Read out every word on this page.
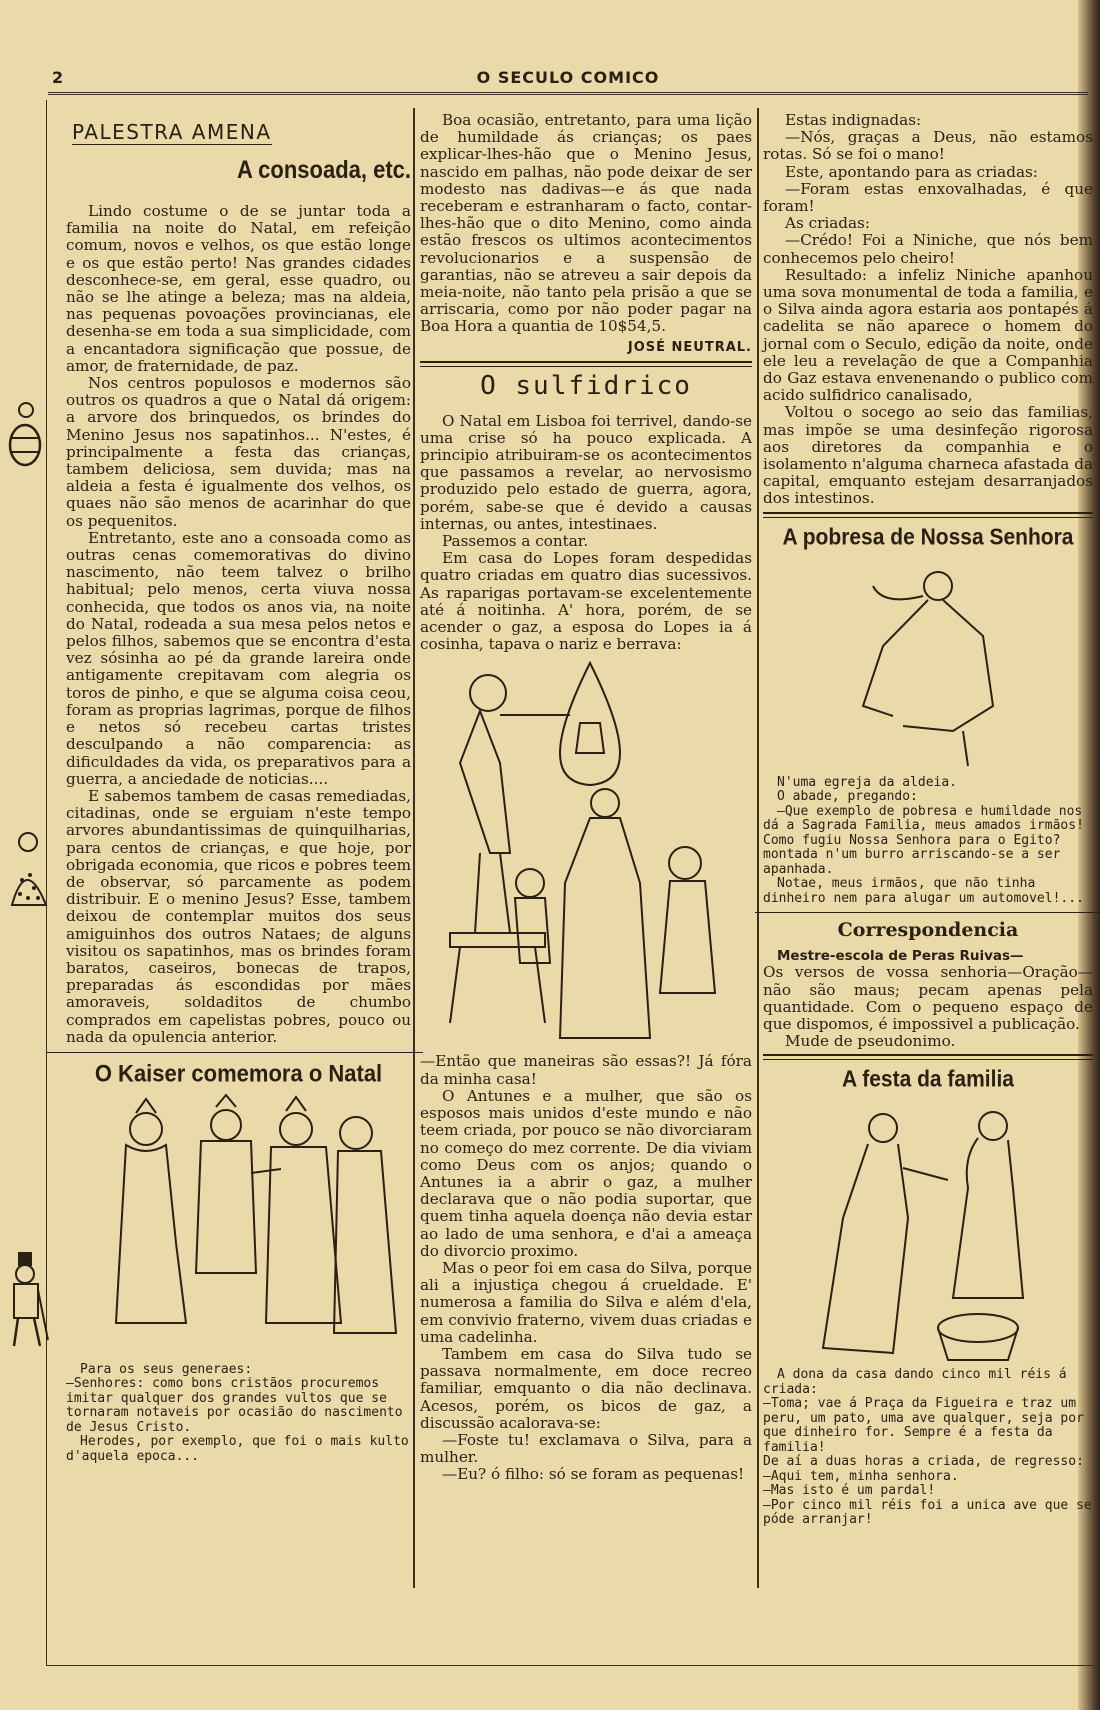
2	O SECULO COMICO
PALESTRA AMENA
A consoada, etc.

Lindo costume o de se juntar toda a familia na noite do Natal, em refeição comum, novos e velhos, os que estão longe e os que estão perto! Nas grandes cidades desconhece-se, em geral, esse quadro, ou não se lhe atinge a beleza; mas na aldeia, nas pequenas povoações provincianas, ele desenha-se em toda a sua simplicidade, com a encantadora significação que possue, de amor, de fraternidade, de paz.

Nos centros populosos e modernos são outros os quadros a que o Natal dá origem: a arvore dos brinquedos, os brindes do Menino Jesus nos sapatinhos... N'estes, é principalmente a festa das crianças, tambem deliciosa, sem duvida; mas na aldeia a festa é igualmente dos velhos, os quaes não são menos de acarinhar do que os pequenitos.

Entretanto, este ano a consoada como as outras cenas comemorativas do divino nascimento, não teem talvez o brilho habitual; pelo menos, certa viuva nossa conhecida, que todos os anos via, na noite do Natal, rodeada a sua mesa pelos netos e pelos filhos, sabemos que se encontra d'esta vez sósinha ao pé da grande lareira onde antigamente crepitavam com alegria os toros de pinho, e que se alguma coisa ceou, foram as proprias lagrimas, porque de filhos e netos só recebeu cartas tristes desculpando a não comparencia: as dificuldades da vida, os preparativos para a guerra, a anciedade de noticias....

E sabemos tambem de casas remediadas, citadinas, onde se erguiam n'este tempo arvores abundantissimas de quinquilharias, para centos de crianças, e que hoje, por obrigada economia, que ricos e pobres teem de observar, só parcamente as podem distribuir. E o menino Jesus? Esse, tambem deixou de contemplar muitos dos seus amiguinhos dos outros Nataes; de alguns visitou os sapatinhos, mas os brindes foram baratos, caseiros, bonecas de trapos, preparadas ás escondidas por mães amoraveis, soldaditos de chumbo comprados em capelistas pobres, pouco ou nada da opulencia anterior.

O Kaiser comemora o Natal

Para os seus generaes:

—Senhores: como bons cristãos procuremos imitar qualquer dos grandes vultos que se tornaram notaveis por ocasião do nascimento de Jesus Cristo.

Herodes, por exemplo, que foi o mais kulto d'aquela epoca...

Boa ocasião, entretanto, para uma lição de humildade ás crianças; os paes explicar-lhes-hão que o Menino Jesus, nascido em palhas, não pode deixar de ser modesto nas dadivas—e ás que nada receberam e estranharam o facto, contar-lhes-hão que o dito Menino, como ainda estão frescos os ultimos acontecimentos revolucionarios e a suspensão de garantias, não se atreveu a sair depois da meia-noite, não tanto pela prisão a que se arriscaria, como por não poder pagar na Boa Hora a quantia de 10$54,5.

JOSÉ NEUTRAL.
O sulfidrico

O Natal em Lisboa foi terrivel, dando-se uma crise só ha pouco explicada. A principio atribuiram-se os acontecimentos que passamos a revelar, ao nervosismo produzido pelo estado de guerra, agora, porém, sabe-se que é devido a causas internas, ou antes, intestinaes.

Passemos a contar.

Em casa do Lopes foram despedidas quatro criadas em quatro dias sucessivos. As raparigas portavam-se excelentemente até á noitinha. A' hora, porém, de se acender o gaz, a esposa do Lopes ia á cosinha, tapava o nariz e berrava:

—Então que maneiras são essas?! Já fóra da minha casa!

O Antunes e a mulher, que são os esposos mais unidos d'este mundo e não teem criada, por pouco se não divorciaram no começo do mez corrente. De dia viviam como Deus com os anjos; quando o Antunes ia a abrir o gaz, a mulher declarava que o não podia suportar, que quem tinha aquela doença não devia estar ao lado de uma senhora, e d'ai a ameaça do divorcio proximo.

Mas o peor foi em casa do Silva, porque ali a injustiça chegou á crueldade. E' numerosa a familia do Silva e além d'ela, em convivio fraterno, vivem duas criadas e uma cadelinha.

Tambem em casa do Silva tudo se passava normalmente, em doce recreo familiar, emquanto o dia não declinava. Acesos, porém, os bicos de gaz, a discussão acalorava-se:

—Foste tu! exclamava o Silva, para a mulher.

—Eu? ó filho: só se foram as pequenas!

Estas indignadas:

—Nós, graças a Deus, não estamos rotas. Só se foi o mano!

Este, apontando para as criadas:

—Foram estas enxovalhadas, é que foram!

As criadas:

—Crédo! Foi a Niniche, que nós bem conhecemos pelo cheiro!

Resultado: a infeliz Niniche apanhou uma sova monumental de toda a familia, e o Silva ainda agora estaria aos pontapés á cadelita se não aparece o homem do jornal com o Seculo, edição da noite, onde ele leu a revelação de que a Companhia do Gaz estava envenenando o publico com acido sulfidrico canalisado,

Voltou o socego ao seio das familias, mas impõe se uma desinfeção rigorosa aos diretores da companhia e o isolamento n'alguma charneca afastada da capital, emquanto estejam desarranjados dos intestinos.

A pobresa de Nossa Senhora

N'uma egreja da aldeia.

O abade, pregando:

—Que exemplo de pobresa e humildade nos dá a Sagrada Familia, meus amados irmãos! Como fugiu Nossa Senhora para o Egito? montada n'um burro arriscando-se a ser apanhada.

Notae, meus irmãos, que não tinha dinheiro nem para alugar um automovel!...

Correspondencia

Mestre-escola de Peras Ruivas—

Os versos de vossa senhoria—Oração—não são maus; pecam apenas pela quantidade. Com o pequeno espaço de que dispomos, é impossivel a publicação.

Mude de pseudonimo.

A festa da familia

A dona da casa dando cinco mil réis á criada:

—Toma; vae á Praça da Figueira e traz um peru, um pato, uma ave qualquer, seja por que dinheiro for. Sempre é a festa da familia!

De aí a duas horas a criada, de regresso:

—Aqui tem, minha senhora.

—Mas isto é um pardal!

—Por cinco mil réis foi a unica ave que se póde arranjar!
